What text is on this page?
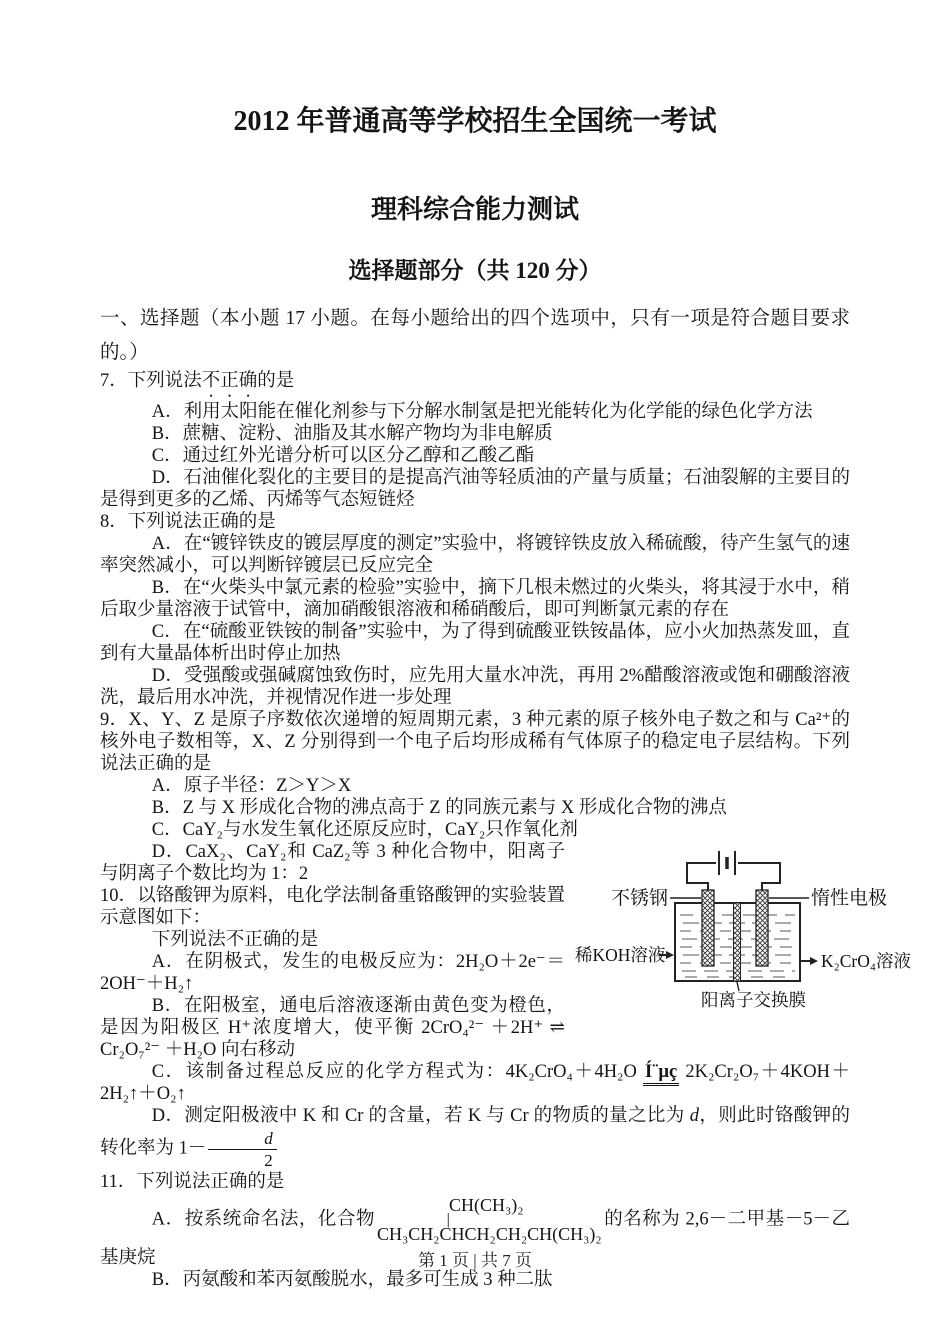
2012 年普通高等学校招生全国统一考试
理科综合能力测试
选择题部分（共 120 分）

一、选择题（本小题 17 小题。在每小题给出的四个选项中，只有一项是符合题目要求的。）

7．下列说法不正确的是

A．利用太阳能在催化剂参与下分解水制氢是把光能转化为化学能的绿色化学方法

B．蔗糖、淀粉、油脂及其水解产物均为非电解质

C．通过红外光谱分析可以区分乙醇和乙酸乙酯

D．石油催化裂化的主要目的是提高汽油等轻质油的产量与质量；石油裂解的主要目的是得到更多的乙烯、丙烯等气态短链烃

8．下列说法正确的是

A．在“镀锌铁皮的镀层厚度的测定”实验中，将镀锌铁皮放入稀硫酸，待产生氢气的速率突然减小，可以判断锌镀层已反应完全

B．在“火柴头中氯元素的检验”实验中，摘下几根未燃过的火柴头，将其浸于水中，稍后取少量溶液于试管中，滴加硝酸银溶液和稀硝酸后，即可判断氯元素的存在

C．在“硫酸亚铁铵的制备”实验中，为了得到硫酸亚铁铵晶体，应小火加热蒸发皿，直到有大量晶体析出时停止加热

D．受强酸或强碱腐蚀致伤时，应先用大量水冲洗，再用 2%醋酸溶液或饱和硼酸溶液洗，最后用水冲洗，并视情况作进一步处理

9．X、Y、Z 是原子序数依次递增的短周期元素，3 种元素的原子核外电子数之和与 Ca²⁺的核外电子数相等，X、Z 分别得到一个电子后均形成稀有气体原子的稳定电子层结构。下列说法正确的是

A．原子半径：Z＞Y＞X

B．Z 与 X 形成化合物的沸点高于 Z 的同族元素与 X 形成化合物的沸点

C．CaY₂与水发生氧化还原反应时，CaY₂只作氧化剂

不锈钢	惰性电极
稀KOH溶液	K₂CrO₄溶液
阳离子交换膜

D．CaX₂、CaY₂和 CaZ₂等 3 种化合物中，阳离子与阴离子个数比均为 1：2

10．以铬酸钾为原料，电化学法制备重铬酸钾的实验装置示意图如下：

下列说法不正确的是

A．在阴极式，发生的电极反应为：2H₂O＋2e⁻＝2OH⁻＋H₂↑

B．在阳极室，通电后溶液逐渐由黄色变为橙色，是因为阳极区 H⁺浓度增大，使平衡 2CrO₄²⁻ ＋2H⁺ ⇌ Cr₂O₇²⁻ ＋H₂O 向右移动

C．该制备过程总反应的化学方程式为：4K₂CrO₄＋4H₂O Í¨µç 2K₂Cr₂O₇＋4KOH＋2H₂↑＋O₂↑

D．测定阳极液中 K 和 Cr 的含量，若 K 与 Cr 的物质的量之比为 d，则此时铬酸钾的转化率为 $1- \frac{d}{2}$

11．下列说法正确的是

A．按系统命名法，化合物
CH(CH₃)₂
|
CH₃CH₂CHCH₂CH₂CH(CH₃)₂
的名称为 2,6－二甲基－5－乙基庚烷

B．丙氨酸和苯丙氨酸脱水，最多可生成 3 种二肽

第 1 页 | 共 7 页
